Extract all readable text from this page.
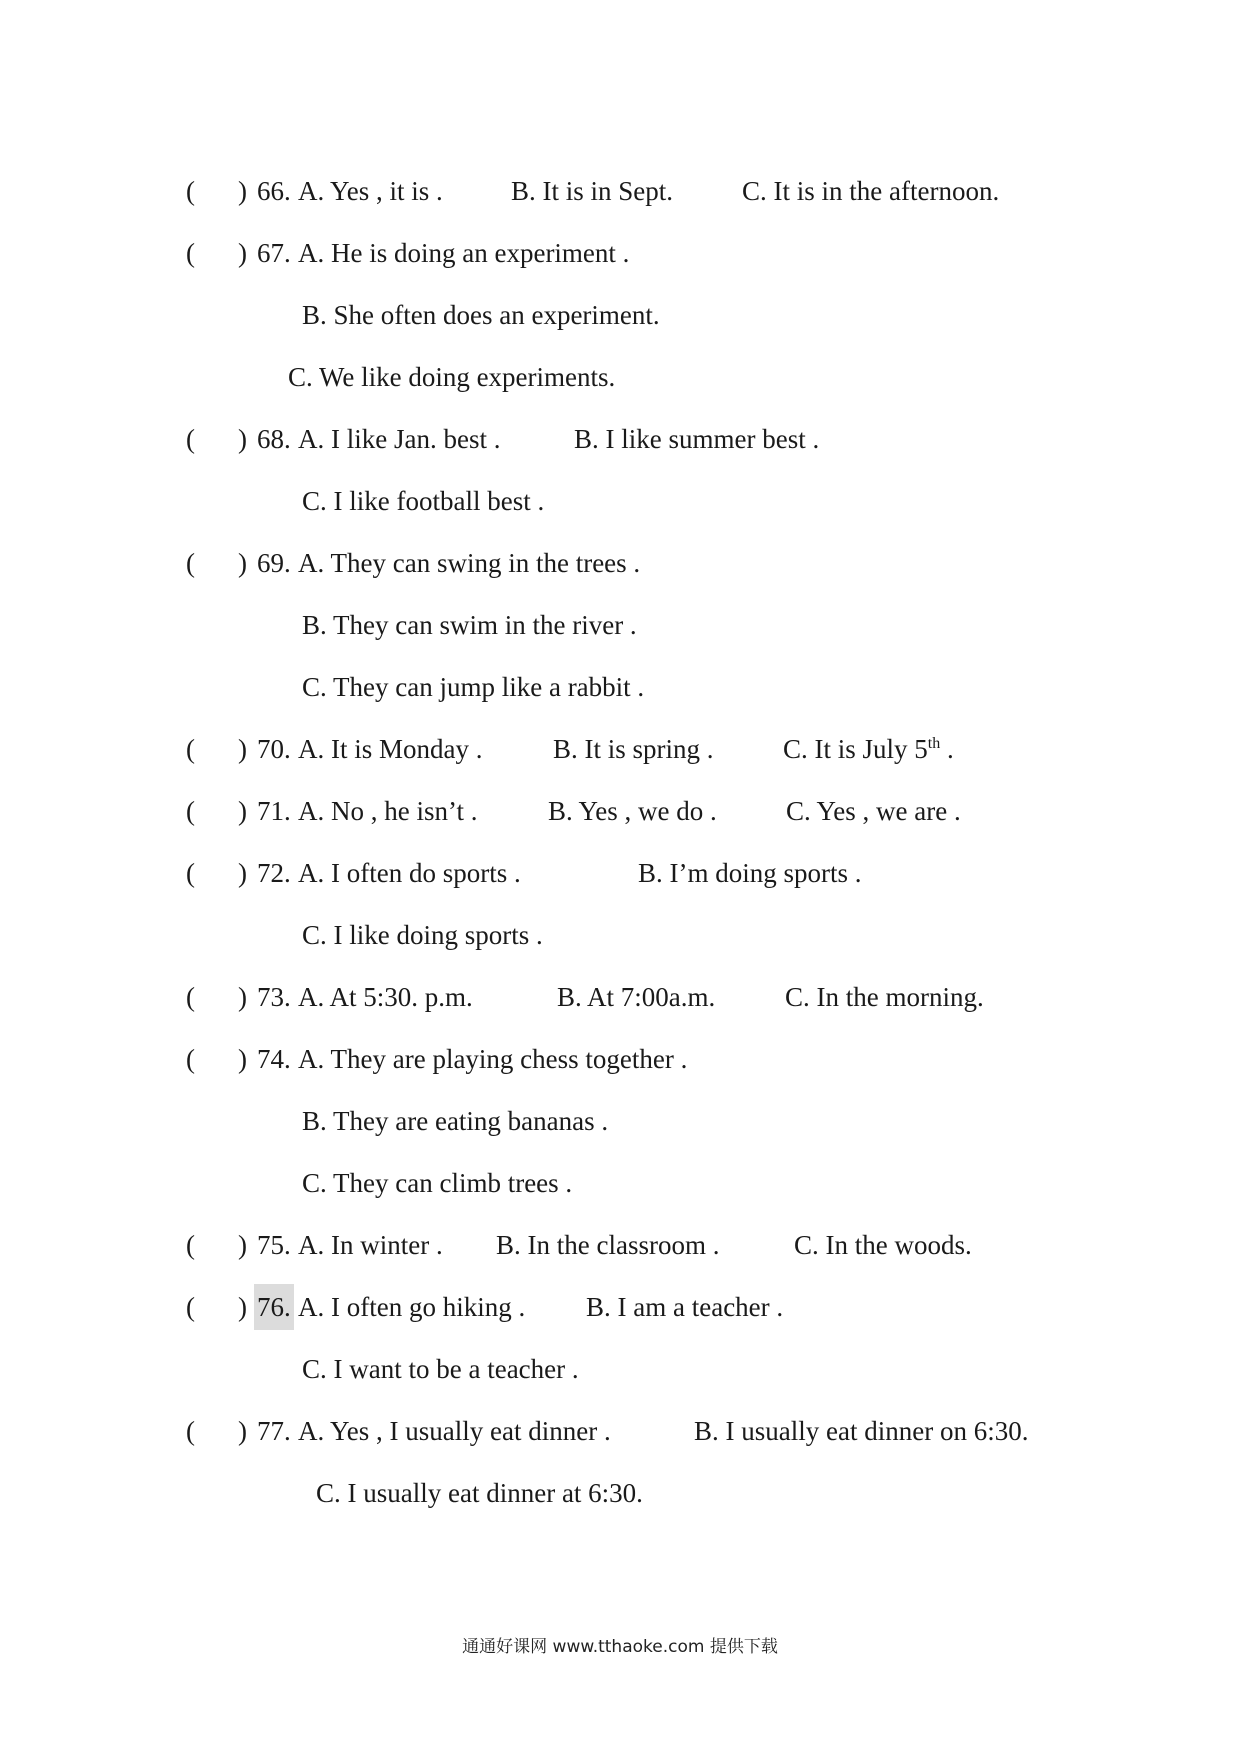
( ) 66. A. Yes , it is .	B. It is in Sept.	C. It is in the afternoon.
( ) 67. A. He is doing an experiment .
B. She often does an experiment.
C. We like doing experiments.
( ) 68. A. I like Jan. best .	B. I like summer best .
C. I like football best .
( ) 69. A. They can swing in the trees .
B. They can swim in the river .
C. They can jump like a rabbit .
( ) 70. A. It is Monday .	B. It is spring .	C. It is July 5th .
( ) 71. A. No , he isn’t .	B. Yes , we do .	C. Yes , we are .
( ) 72. A. I often do sports .	B. I’m doing sports .
C. I like doing sports .
( ) 73. A. At 5:30. p.m.	B. At 7:00a.m.	C. In the morning.
( ) 74. A. They are playing chess together .
B. They are eating bananas .
C. They can climb trees .
( ) 75. A. In winter . B. In the classroom .	C. In the woods.
( ) 76. A. I often go hiking . B. I am a teacher .
C. I want to be a teacher .
( ) 77. A. Yes , I usually eat dinner .	B. I usually eat dinner on 6:30.
C. I usually eat dinner at 6:30.
通通好课网 www.tthaoke.com 提供下载
